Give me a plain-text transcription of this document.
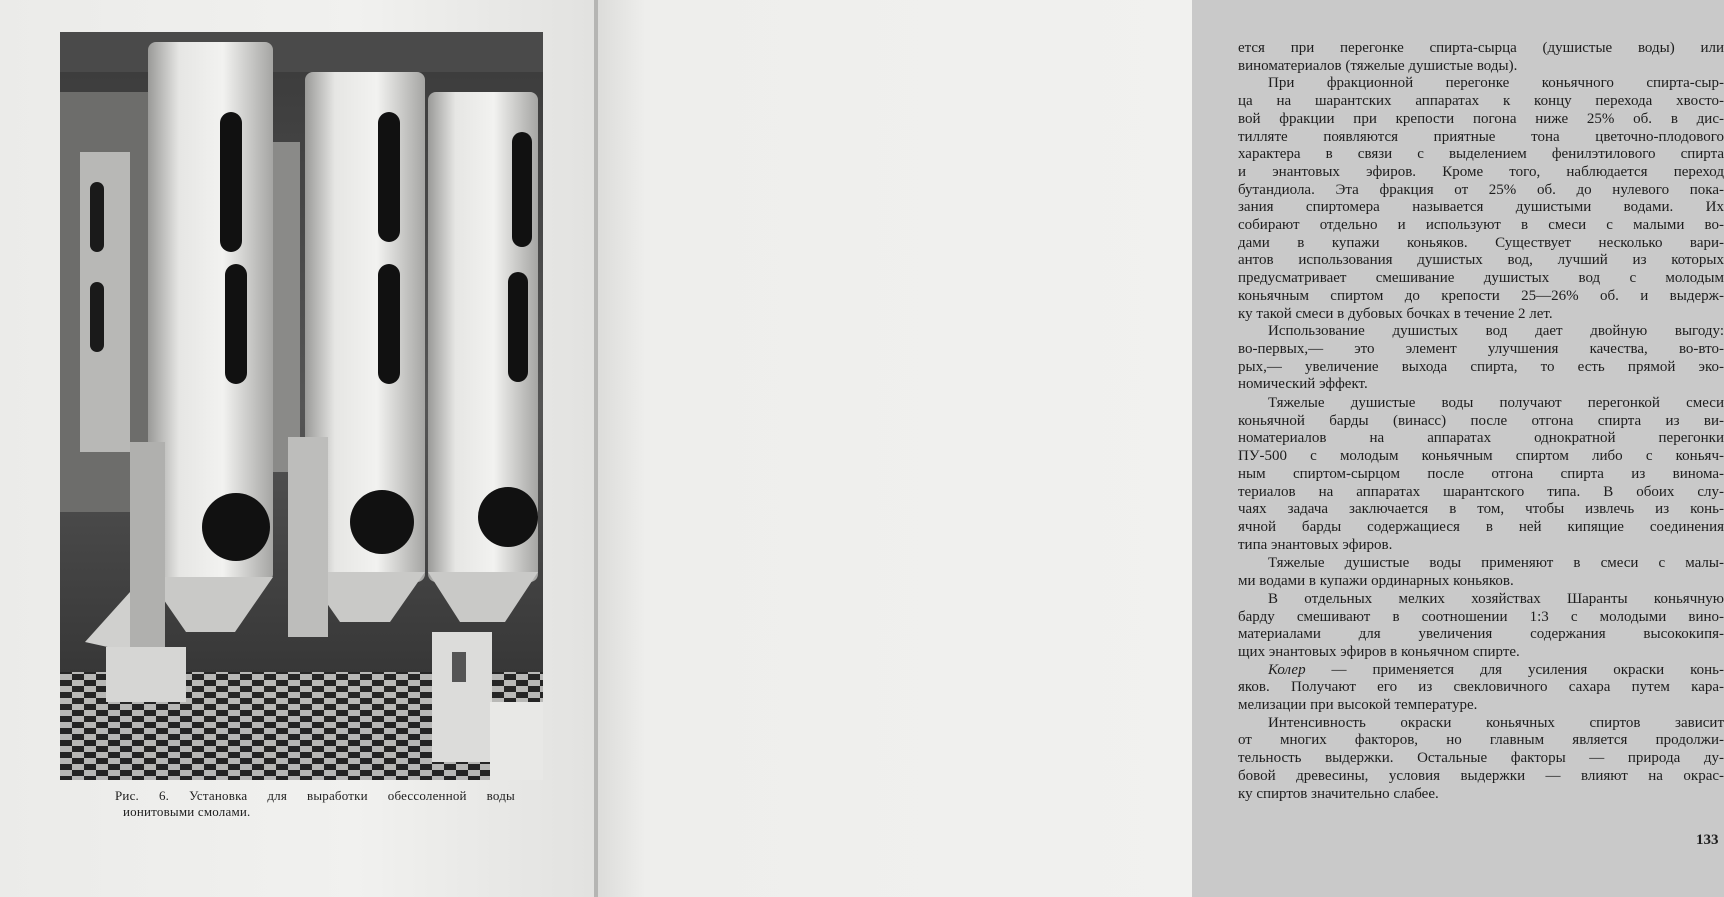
Рис. 6. Установка для выработки обессоленной воды
ионитовыми смолами.
ется при перегонке спирта-сырца (душистые воды) или
виноматериалов (тяжелые душистые воды).
При фракционной перегонке коньячного спирта-сыр-
ца на шарантских аппаратах к концу перехода хвосто-
вой фракции при крепости погона ниже 25% об. в дис-
тилляте появляются приятные тона цветочно-плодового
характера в связи с выделением фенилэтилового спирта
и энантовых эфиров. Кроме того, наблюдается переход
бутандиола. Эта фракция от 25% об. до нулевого пока-
зания спиртомера называется душистыми водами. Их
собирают отдельно и используют в смеси с малыми во-
дами в купажи коньяков. Существует несколько вари-
антов использования душистых вод, лучший из которых
предусматривает смешивание душистых вод с молодым
коньячным спиртом до крепости 25—26% об. и выдерж-
ку такой смеси в дубовых бочках в течение 2 лет.
Использование душистых вод дает двойную выгоду:
во-первых,— это элемент улучшения качества, во-вто-
рых,— увеличение выхода спирта, то есть прямой эко-
номический эффект.
Тяжелые душистые воды получают перегонкой смеси
коньячной барды (винасс) после отгона спирта из ви-
номатериалов на аппаратах однократной перегонки
ПУ-500 с молодым коньячным спиртом либо с коньяч-
ным спиртом-сырцом после отгона спирта из винома-
териалов на аппаратах шарантского типа. В обоих слу-
чаях задача заключается в том, чтобы извлечь из конь-
ячной барды содержащиеся в ней кипящие соединения
типа энантовых эфиров.
Тяжелые душистые воды применяют в смеси с малы-
ми водами в купажи ординарных коньяков.
В отдельных мелких хозяйствах Шаранты коньячную
барду смешивают в соотношении 1:3 с молодыми вино-
материалами для увеличения содержания высококипя-
щих энантовых эфиров в коньячном спирте.
Колер — применяется для усиления окраски конь-
яков. Получают его из свекловичного сахара путем кара-
мелизации при высокой температуре.
Интенсивность окраски коньячных спиртов зависит
от многих факторов, но главным является продолжи-
тельность выдержки. Остальные факторы — природа ду-
бовой древесины, условия выдержки — влияют на окрас-
ку спиртов значительно слабее.
133
